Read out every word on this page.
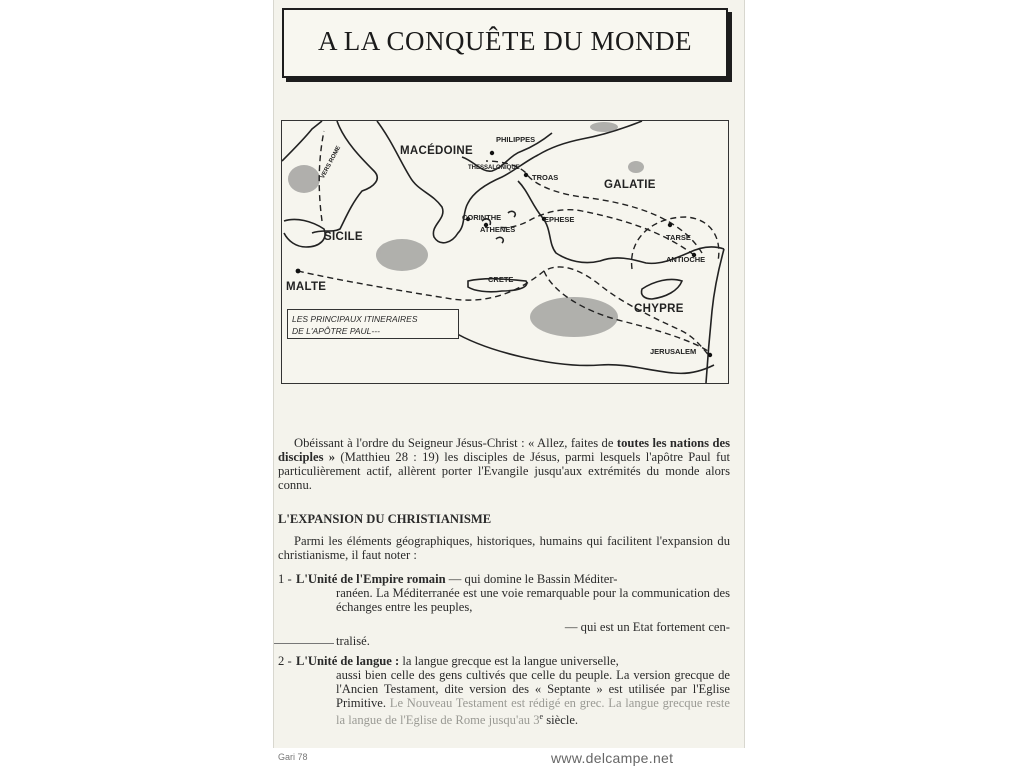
A LA CONQUÊTE DU MONDE
MACÉDOINE
PHILIPPES
THESSALONIQUE
TROAS
GALATIE
SICILE
CORINTHE
ATHENES
EPHESE
TARSE
ANTIOCHE
MALTE
CRETE
CHYPRE
JERUSALEM
VERS ROME
LES PRINCIPAUX ITINERAIRES
DE L'APÔTRE PAUL---

Obéissant à l'ordre du Seigneur Jésus-Christ : « Allez, faites de toutes les nations des disciples » (Matthieu 28 : 19) les disciples de Jésus, parmi lesquels l'apôtre Paul fut particulièrement actif, allèrent porter l'Evangile jusqu'aux extrémités du monde alors connu.

L'EXPANSION DU CHRISTIANISME

Parmi les éléments géographiques, historiques, humains qui facilitent l'expansion du christianisme, il faut noter :

1 - L'Unité de l'Empire romain — qui domine le Bassin Méditer-
ranéen. La Méditerranée est une voie remarquable pour la communication des échanges entre les peuples,
— qui est un Etat fortement cen-
tralisé.
2 - L'Unité de langue : la langue grecque est la langue universelle,
aussi bien celle des gens cultivés que celle du peuple. La version grecque de l'Ancien Testament, dite version des « Septante » est utilisée par l'Eglise Primitive. Le Nouveau Testament est rédigé en grec. La langue grecque reste la langue de l'Eglise de Rome jusqu'au 3e siècle.
Gari 78	www.delcampe.net
